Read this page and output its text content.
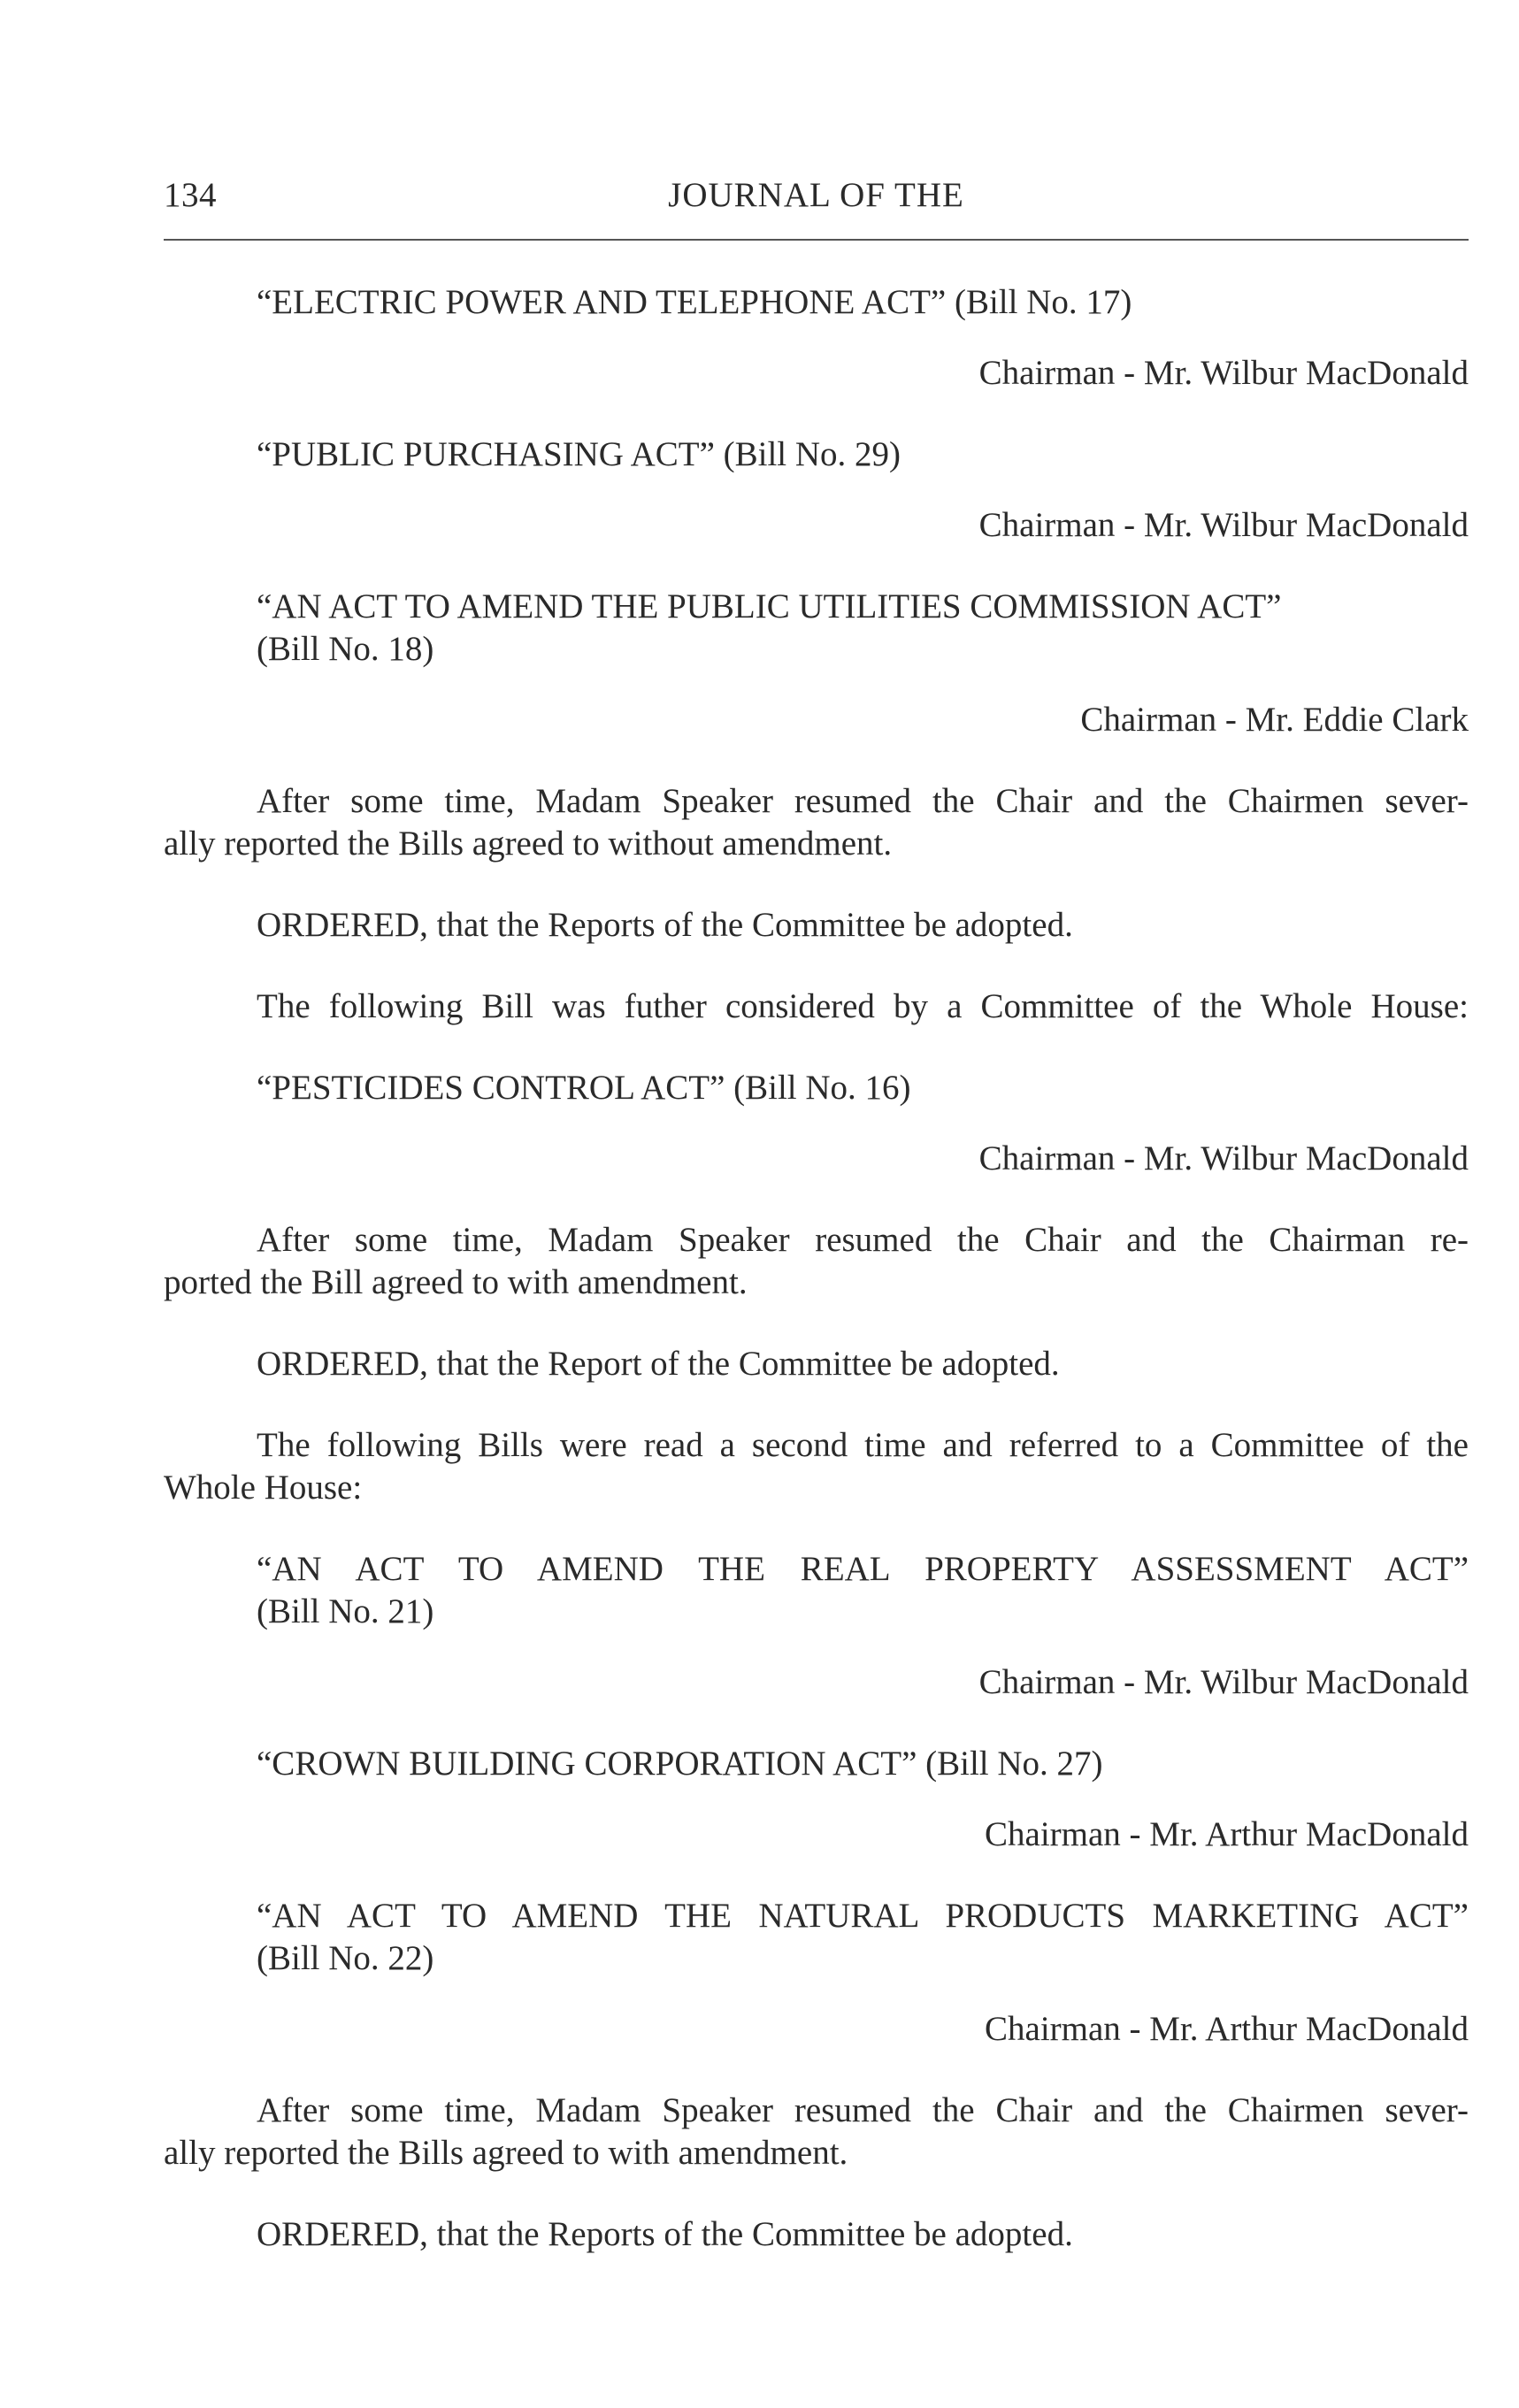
134	JOURNAL OF THE
“ELECTRIC POWER AND TELEPHONE ACT” (Bill No. 17)
Chairman - Mr. Wilbur MacDonald
“PUBLIC PURCHASING ACT” (Bill No. 29)
Chairman - Mr. Wilbur MacDonald
“AN ACT TO AMEND THE PUBLIC UTILITIES COMMISSION ACT”
(Bill No. 18)
Chairman - Mr. Eddie Clark
After some time, Madam Speaker resumed the Chair and the Chairmen sever-
ally reported the Bills agreed to without amendment.
ORDERED, that the Reports of the Committee be adopted.
The following Bill was futher considered by a Committee of the Whole House:
“PESTICIDES CONTROL ACT” (Bill No. 16)
Chairman - Mr. Wilbur MacDonald
After some time, Madam Speaker resumed the Chair and the Chairman re-
ported the Bill agreed to with amendment.
ORDERED, that the Report of the Committee be adopted.
The following Bills were read a second time and referred to a Committee of the
Whole House:
“AN ACT TO AMEND THE REAL PROPERTY ASSESSMENT ACT”
(Bill No. 21)
Chairman - Mr. Wilbur MacDonald
“CROWN BUILDING CORPORATION ACT” (Bill No. 27)
Chairman - Mr. Arthur MacDonald
“AN ACT TO AMEND THE NATURAL PRODUCTS MARKETING ACT”
(Bill No. 22)
Chairman - Mr. Arthur MacDonald
After some time, Madam Speaker resumed the Chair and the Chairmen sever-
ally reported the Bills agreed to with amendment.
ORDERED, that the Reports of the Committee be adopted.
